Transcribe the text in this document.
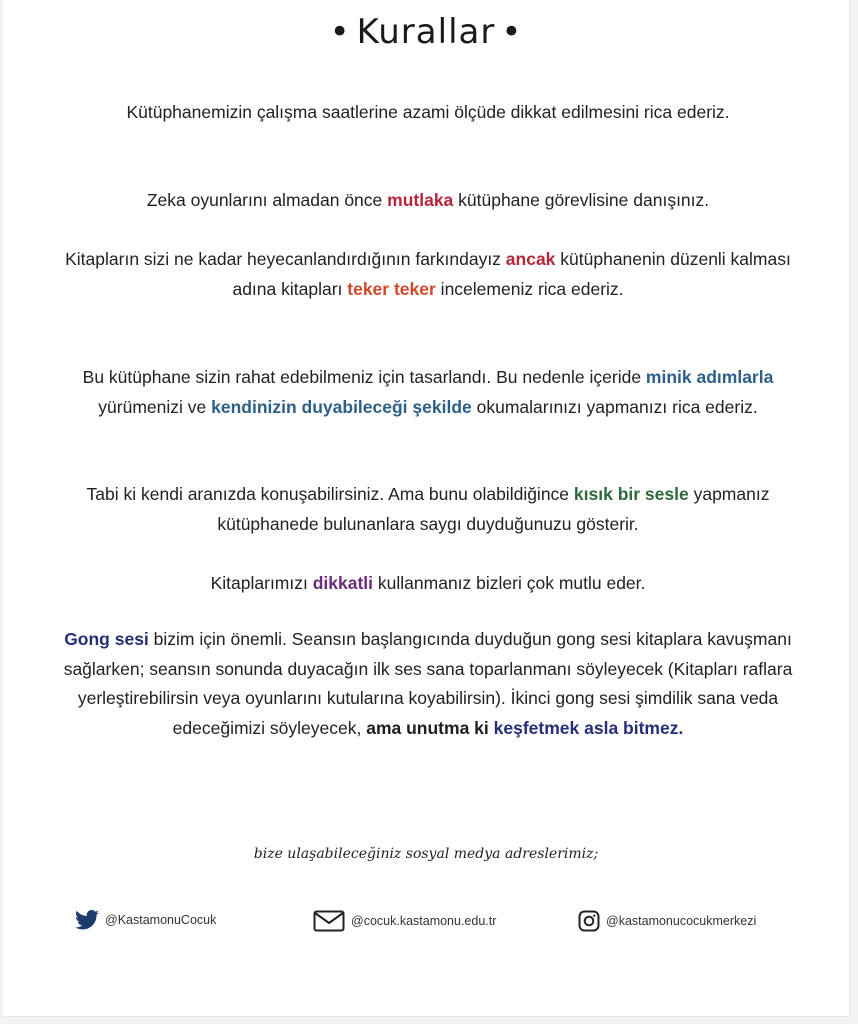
• Kurallar •

Kütüphanemizin çalışma saatlerine azami ölçüde dikkat edilmesini rica ederiz.

Zeka oyunlarını almadan önce mutlaka kütüphane görevlisine danışınız.

Kitapların sizi ne kadar heyecanlandırdığının farkındayız ancak kütüphanenin düzenli kalması adına kitapları teker teker incelemeniz rica ederiz.

Bu kütüphane sizin rahat edebilmeniz için tasarlandı. Bu nedenle içeride minik adımlarla yürümenizi ve kendinizin duyabileceği şekilde okumalarınızı yapmanızı rica ederiz.

Tabi ki kendi aranızda konuşabilirsiniz. Ama bunu olabildiğince kısık bir sesle yapmanız kütüphanede bulunanlara saygı duyduğunuzu gösterir.

Kitaplarımızı dikkatli kullanmanız bizleri çok mutlu eder.

Gong sesi bizim için önemli. Seansın başlangıcında duyduğun gong sesi kitaplara kavuşmanı sağlarken; seansın sonunda duyacağın ilk ses sana toparlanmanı söyleyecek (Kitapları raflara yerleştirebilirsin veya oyunlarını kutularına koyabilirsin). İkinci gong sesi şimdilik sana veda edeceğimizi söyleyecek, ama unutma ki keşfetmek asla bitmez.

bize ulaşabileceğiniz sosyal medya adreslerimiz;
@KastamonuCocuk	@cocuk.kastamonu.edu.tr	@kastamonucocukmerkezi
